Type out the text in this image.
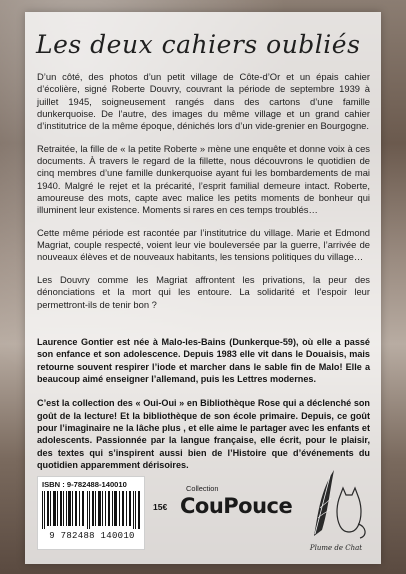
Les deux cahiers oubliés

D’un côté, des photos d’un petit village de Côte-d’Or et un épais cahier d’écolière, signé Roberte Douvry, couvrant la période de septembre 1939 à juillet 1945, soigneusement rangés dans des cartons d’une famille dunkerquoise. De l’autre, des images du même village et un grand cahier d’institutrice de la même époque, dénichés lors d’un vide-grenier en Bourgogne.

Retraitée, la fille de « la petite Roberte » mène une enquête et donne voix à ces documents. À travers le regard de la fillette, nous découvrons le quotidien de cinq membres d’une famille dunkerquoise ayant fui les bombardements de mai 1940. Malgré le rejet et la précarité, l’esprit familial demeure intact. Roberte, amoureuse des mots, capte avec malice les petits moments de bonheur qui illuminent leur existence. Moments si rares en ces temps troublés…

Cette même période est racontée par l’institutrice du village. Marie et Edmond Magriat, couple respecté, voient leur vie bouleversée par la guerre, l’arrivée de nouveaux élèves et de nouveaux habitants, les tensions politiques du village…

Les Douvry comme les Magriat affrontent les privations, la peur des dénonciations et la mort qui les entoure. La solidarité et l’espoir leur permettront-ils de tenir bon ?

Laurence Gontier est née à Malo-les-Bains (Dunkerque-59), où elle a passé son enfance et son adolescence. Depuis 1983 elle vit dans le Douaisis, mais retourne souvent respirer l’iode et marcher dans le sable fin de Malo! Elle a beaucoup aimé enseigner l’allemand, puis les Lettres modernes.

C’est la collection des « Oui-Oui » en Bibliothèque Rose qui a déclenché son goût de la lecture! Et la bibliothèque de son école primaire. Depuis, ce goût pour l’imaginaire ne la lâche plus , et elle aime le partager avec les enfants et adolescents. Passionnée par la langue française, elle écrit, pour le plaisir, des textes qui s’inspirent aussi bien de l’Histoire que d’événements du quotidien apparemment dérisoires.

ISBN : 9-782488-140010
9 782488 140010
15€
Collection
CouPouce
Plume de Chat
